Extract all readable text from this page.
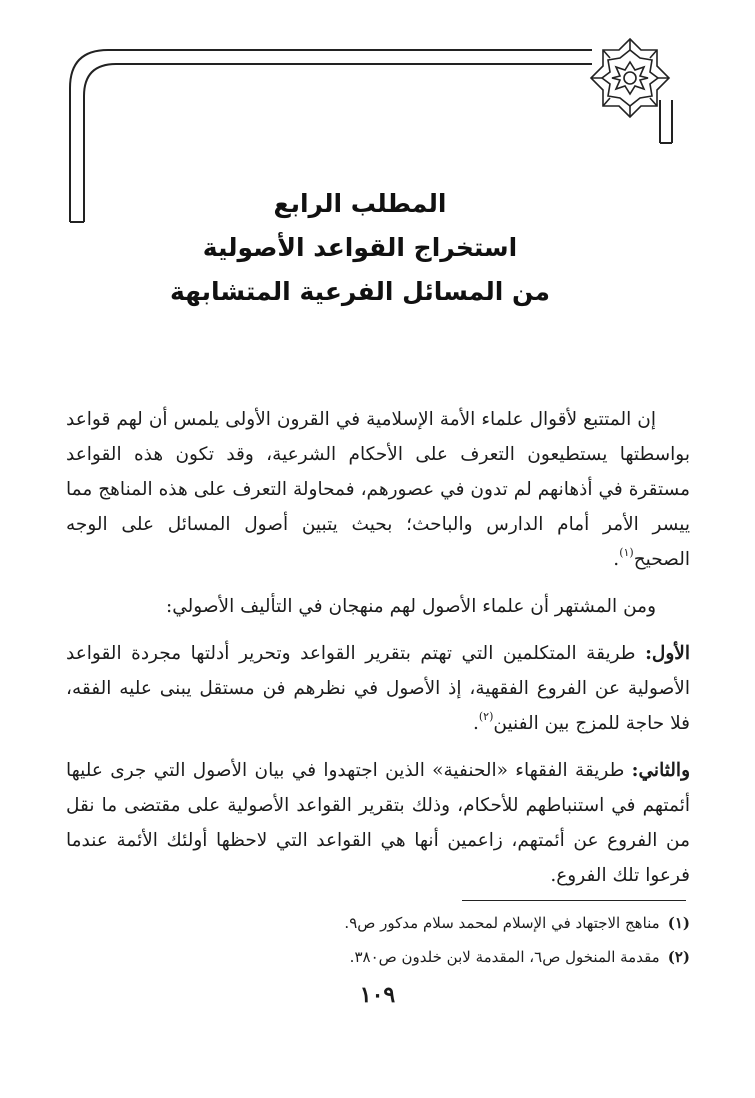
المطلب الرابع
استخراج القواعد الأصولية
من المسائل الفرعية المتشابهة

إن المتتبع لأقوال علماء الأمة الإسلامية في القرون الأولى يلمس أن لهم قواعد بواسطتها يستطيعون التعرف على الأحكام الشرعية، وقد تكون هذه القواعد مستقرة في أذهانهم لم تدون في عصورهم، فمحاولة التعرف على هذه المناهج مما ييسر الأمر أمام الدارس والباحث؛ بحيث يتبين أصول المسائل على الوجه الصحيح$^{(١)}$.

ومن المشتهر أن علماء الأصول لهم منهجان في التأليف الأصولي:

الأول: طريقة المتكلمين التي تهتم بتقرير القواعد وتحرير أدلتها مجردة القواعد الأصولية عن الفروع الفقهية، إذ الأصول في نظرهم فن مستقل يبنى عليه الفقه، فلا حاجة للمزج بين الفنين$^{(٢)}$.

والثاني: طريقة الفقهاء «الحنفية» الذين اجتهدوا في بيان الأصول التي جرى عليها أئمتهم في استنباطهم للأحكام، وذلك بتقرير القواعد الأصولية على مقتضى ما نقل من الفروع عن أئمتهم، زاعمين أنها هي القواعد التي لاحظها أولئك الأئمة عندما فرعوا تلك الفروع.

(١)مناهج الاجتهاد في الإسلام لمحمد سلام مدكور ص٩.
(٢)مقدمة المنخول ص٦، المقدمة لابن خلدون ص٣٨٠.
١٠٩
